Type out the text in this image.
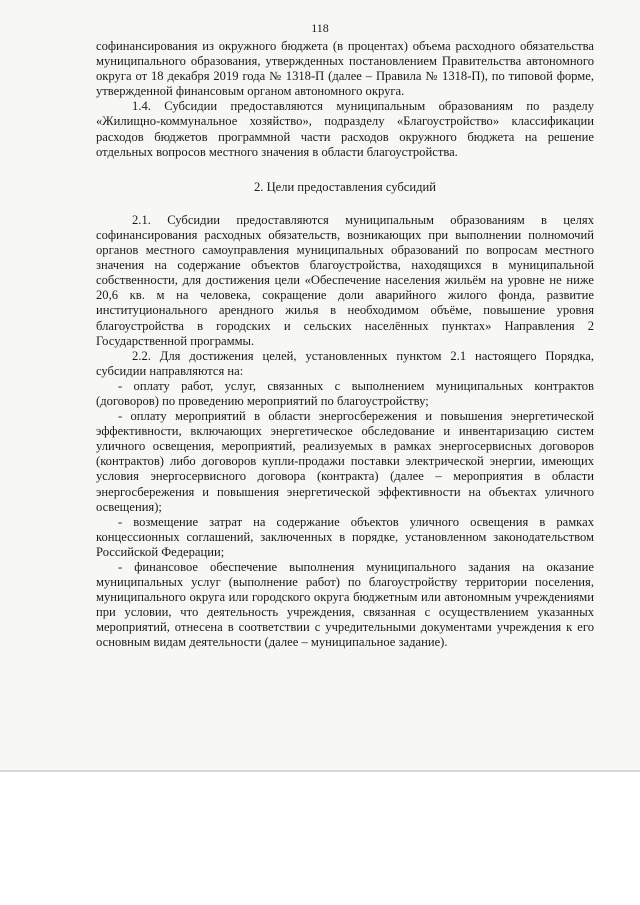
118

софинансирования из окружного бюджета (в процентах) объема расходного обязательства муниципального образования, утвержденных постановлением Правительства автономного округа от 18 декабря 2019 года № 1318-П (далее – Правила № 1318-П), по типовой форме, утвержденной финансовым органом автономного округа.

1.4. Субсидии предоставляются муниципальным образованиям по разделу «Жилищно-коммунальное хозяйство», подразделу «Благоустройство» классификации расходов бюджетов программной части расходов окружного бюджета на решение отдельных вопросов местного значения в области благоустройства.

2. Цели предоставления субсидий

2.1. Субсидии предоставляются муниципальным образованиям в целях софинансирования расходных обязательств, возникающих при выполнении полномочий органов местного самоуправления муниципальных образований по вопросам местного значения на содержание объектов благоустройства, находящихся в муниципальной собственности, для достижения цели «Обеспечение населения жильём на уровне не ниже 20,6 кв. м на человека, сокращение доли аварийного жилого фонда, развитие институционального арендного жилья в необходимом объёме, повышение уровня благоустройства в городских и сельских населённых пунктах» Направления 2 Государственной программы.

2.2. Для достижения целей, установленных пунктом 2.1 настоящего Порядка, субсидии направляются на:

- оплату работ, услуг, связанных с выполнением муниципальных контрактов (договоров) по проведению мероприятий по благоустройству;

- оплату мероприятий в области энергосбережения и повышения энергетической эффективности, включающих энергетическое обследование и инвентаризацию систем уличного освещения, мероприятий, реализуемых в рамках энергосервисных договоров (контрактов) либо договоров купли-продажи поставки электрической энергии, имеющих условия энергосервисного договора (контракта) (далее – мероприятия в области энергосбережения и повышения энергетической эффективности на объектах уличного освещения);

- возмещение затрат на содержание объектов уличного освещения в рамках концессионных соглашений, заключенных в порядке, установленном законодательством Российской Федерации;

- финансовое обеспечение выполнения муниципального задания на оказание муниципальных услуг (выполнение работ) по благоустройству территории поселения, муниципального округа или городского округа бюджетным или автономным учреждениями при условии, что деятельность учреждения, связанная с осуществлением указанных мероприятий, отнесена в соответствии с учредительными документами учреждения к его основным видам деятельности (далее – муниципальное задание).
